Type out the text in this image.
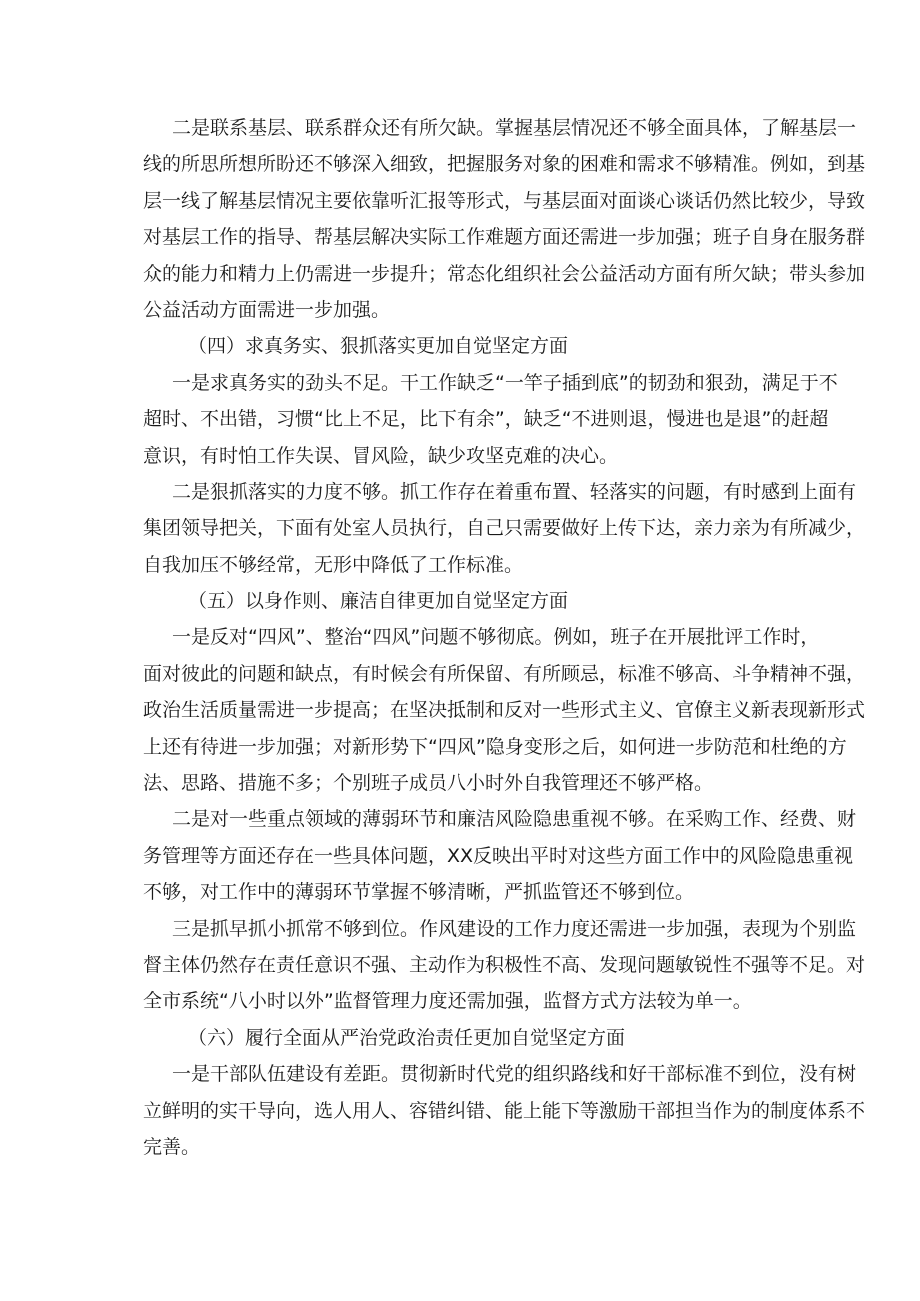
二是联系基层、联系群众还有所欠缺。掌握基层情况还不够全面具体，了解基层一
线的所思所想所盼还不够深入细致，把握服务对象的困难和需求不够精准。例如，到基
层一线了解基层情况主要依靠听汇报等形式，与基层面对面谈心谈话仍然比较少，导致
对基层工作的指导、帮基层解决实际工作难题方面还需进一步加强；班子自身在服务群
众的能力和精力上仍需进一步提升；常态化组织社会公益活动方面有所欠缺；带头参加
公益活动方面需进一步加强。
（四）求真务实、狠抓落实更加自觉坚定方面
一是求真务实的劲头不足。干工作缺乏“一竿子插到底”的韧劲和狠劲，满足于不
超时、不出错，习惯“比上不足，比下有余”，缺乏“不进则退，慢进也是退”的赶超
意识，有时怕工作失误、冒风险，缺少攻坚克难的决心。
二是狠抓落实的力度不够。抓工作存在着重布置、轻落实的问题，有时感到上面有
集团领导把关，下面有处室人员执行，自己只需要做好上传下达，亲力亲为有所减少，
自我加压不够经常，无形中降低了工作标准。
（五）以身作则、廉洁自律更加自觉坚定方面
一是反对“四风”、整治“四风”问题不够彻底。例如，班子在开展批评工作时，
面对彼此的问题和缺点，有时候会有所保留、有所顾忌，标准不够高、斗争精神不强，
政治生活质量需进一步提高；在坚决抵制和反对一些形式主义、官僚主义新表现新形式
上还有待进一步加强；对新形势下“四风”隐身变形之后，如何进一步防范和杜绝的方
法、思路、措施不多；个别班子成员八小时外自我管理还不够严格。
二是对一些重点领域的薄弱环节和廉洁风险隐患重视不够。在采购工作、经费、财
务管理等方面还存在一些具体问题，XX反映出平时对这些方面工作中的风险隐患重视
不够，对工作中的薄弱环节掌握不够清晰，严抓监管还不够到位。
三是抓早抓小抓常不够到位。作风建设的工作力度还需进一步加强，表现为个别监
督主体仍然存在责任意识不强、主动作为积极性不高、发现问题敏锐性不强等不足。对
全市系统“八小时以外”监督管理力度还需加强，监督方式方法较为单一。
（六）履行全面从严治党政治责任更加自觉坚定方面
一是干部队伍建设有差距。贯彻新时代党的组织路线和好干部标准不到位，没有树
立鲜明的实干导向，选人用人、容错纠错、能上能下等激励干部担当作为的制度体系不
完善。
